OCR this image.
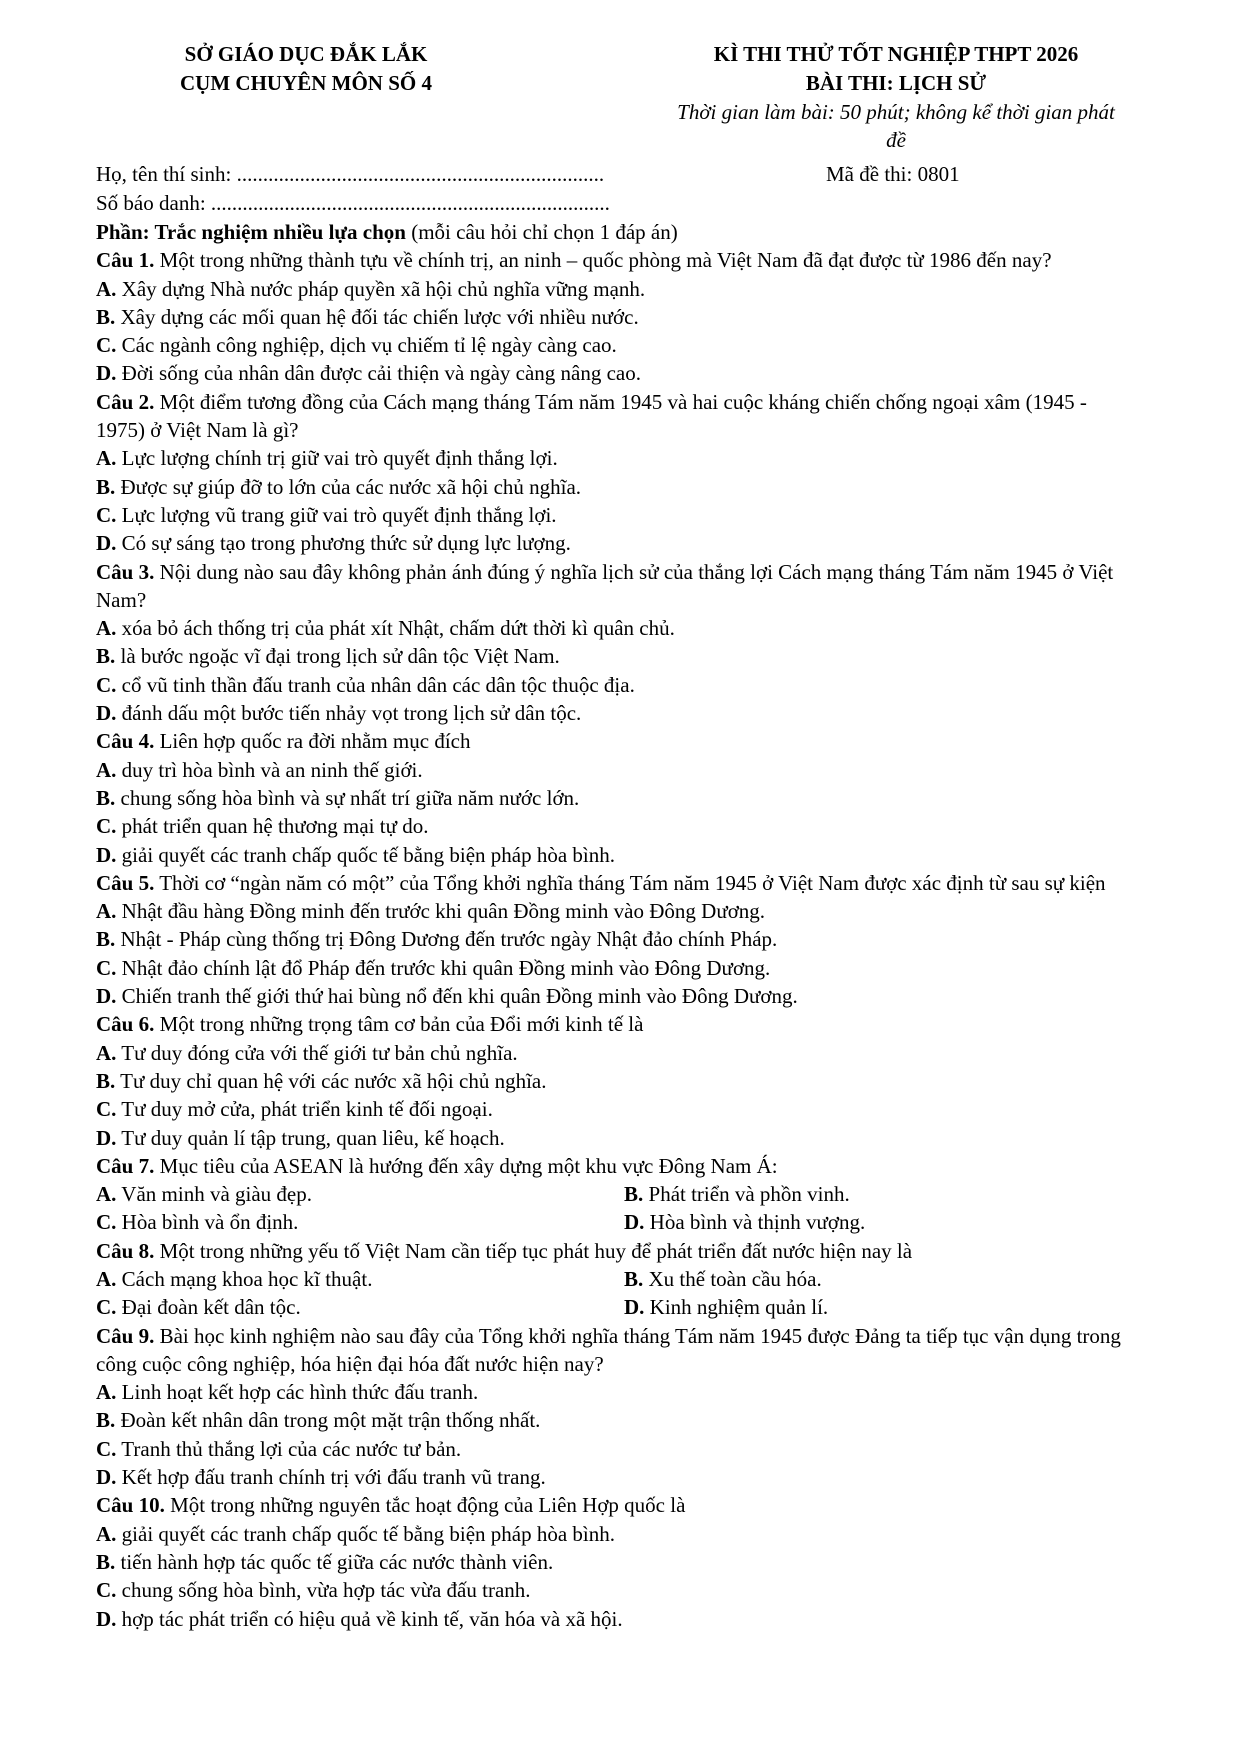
SỞ GIÁO DỤC ĐẮK LẮK
CỤM CHUYÊN MÔN SỐ 4
KÌ THI THỬ TỐT NGHIỆP THPT 2026
BÀI THI: LỊCH SỬ
Thời gian làm bài: 50 phút; không kể thời gian phát đề
Họ, tên thí sinh: ......................................................................	Mã đề thi: 0801
Số báo danh: ............................................................................
Phần: Trắc nghiệm nhiều lựa chọn (mỗi câu hỏi chỉ chọn 1 đáp án)
Câu 1. Một trong những thành tựu về chính trị, an ninh – quốc phòng mà Việt Nam đã đạt được từ 1986 đến nay?
A. Xây dựng Nhà nước pháp quyền xã hội chủ nghĩa vững mạnh.
B. Xây dựng các mối quan hệ đối tác chiến lược với nhiều nước.
C. Các ngành công nghiệp, dịch vụ chiếm tỉ lệ ngày càng cao.
D. Đời sống của nhân dân được cải thiện và ngày càng nâng cao.
Câu 2. Một điểm tương đồng của Cách mạng tháng Tám năm 1945 và hai cuộc kháng chiến chống ngoại xâm (1945 - 1975) ở Việt Nam là gì?
A. Lực lượng chính trị giữ vai trò quyết định thắng lợi.
B. Được sự giúp đỡ to lớn của các nước xã hội chủ nghĩa.
C. Lực lượng vũ trang giữ vai trò quyết định thắng lợi.
D. Có sự sáng tạo trong phương thức sử dụng lực lượng.
Câu 3. Nội dung nào sau đây không phản ánh đúng ý nghĩa lịch sử của thắng lợi Cách mạng tháng Tám năm 1945 ở Việt Nam?
A. xóa bỏ ách thống trị của phát xít Nhật, chấm dứt thời kì quân chủ.
B. là bước ngoặc vĩ đại trong lịch sử dân tộc Việt Nam.
C. cổ vũ tinh thần đấu tranh của nhân dân các dân tộc thuộc địa.
D. đánh dấu một bước tiến nhảy vọt trong lịch sử dân tộc.
Câu 4. Liên hợp quốc ra đời nhằm mục đích
A. duy trì hòa bình và an ninh thế giới.
B. chung sống hòa bình và sự nhất trí giữa năm nước lớn.
C. phát triển quan hệ thương mại tự do.
D. giải quyết các tranh chấp quốc tế bằng biện pháp hòa bình.
Câu 5. Thời cơ “ngàn năm có một” của Tổng khởi nghĩa tháng Tám năm 1945 ở Việt Nam được xác định từ sau sự kiện
A. Nhật đầu hàng Đồng minh đến trước khi quân Đồng minh vào Đông Dương.
B. Nhật - Pháp cùng thống trị Đông Dương đến trước ngày Nhật đảo chính Pháp.
C. Nhật đảo chính lật đổ Pháp đến trước khi quân Đồng minh vào Đông Dương.
D. Chiến tranh thế giới thứ hai bùng nổ đến khi quân Đồng minh vào Đông Dương.
Câu 6. Một trong những trọng tâm cơ bản của Đổi mới kinh tế là
A. Tư duy đóng cửa với thế giới tư bản chủ nghĩa.
B. Tư duy chỉ quan hệ với các nước xã hội chủ nghĩa.
C. Tư duy mở cửa, phát triển kinh tế đối ngoại.
D. Tư duy quản lí tập trung, quan liêu, kế hoạch.
Câu 7. Mục tiêu của ASEAN là hướng đến xây dựng một khu vực Đông Nam Á:
A. Văn minh và giàu đẹp.	B. Phát triển và phồn vinh.
C. Hòa bình và ổn định.	D. Hòa bình và thịnh vượng.
Câu 8. Một trong những yếu tố Việt Nam cần tiếp tục phát huy để phát triển đất nước hiện nay là
A. Cách mạng khoa học kĩ thuật.	B. Xu thế toàn cầu hóa.
C. Đại đoàn kết dân tộc.	D. Kinh nghiệm quản lí.
Câu 9. Bài học kinh nghiệm nào sau đây của Tổng khởi nghĩa tháng Tám năm 1945 được Đảng ta tiếp tục vận dụng trong công cuộc công nghiệp, hóa hiện đại hóa đất nước hiện nay?
A. Linh hoạt kết hợp các hình thức đấu tranh.
B. Đoàn kết nhân dân trong một mặt trận thống nhất.
C. Tranh thủ thắng lợi của các nước tư bản.
D. Kết hợp đấu tranh chính trị với đấu tranh vũ trang.
Câu 10. Một trong những nguyên tắc hoạt động của Liên Hợp quốc là
A. giải quyết các tranh chấp quốc tế bằng biện pháp hòa bình.
B. tiến hành hợp tác quốc tế giữa các nước thành viên.
C. chung sống hòa bình, vừa hợp tác vừa đấu tranh.
D. hợp tác phát triển có hiệu quả về kinh tế, văn hóa và xã hội.
